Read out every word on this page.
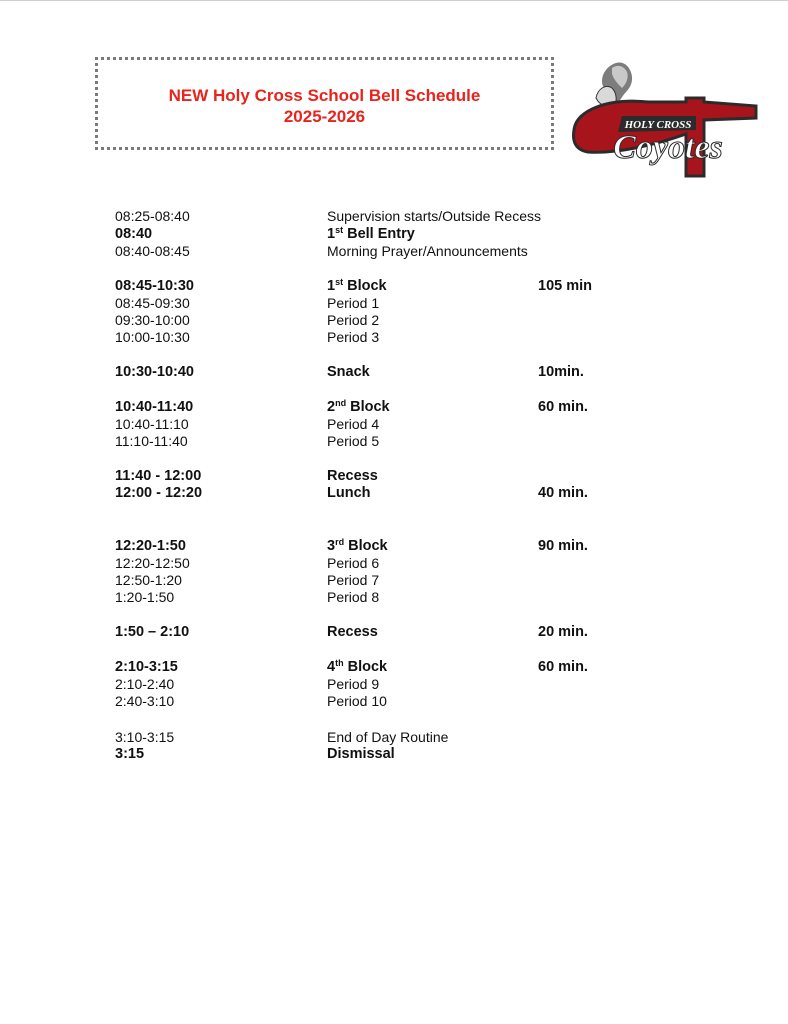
NEW Holy Cross School Bell Schedule
2025-2026	HOLY CROSS
Coyotes
08:25-08:40	Supervision starts/Outside Recess
08:40	1st Bell Entry
08:40-08:45	Morning Prayer/Announcements
08:45-10:30	1st Block	105 min
08:45-09:30	Period 1
09:30-10:00	Period 2
10:00-10:30	Period 3
10:30-10:40	Snack	10min.
10:40-11:40	2nd Block	60 min.
10:40-11:10	Period 4
11:10-11:40	Period 5
11:40 - 12:00	Recess
12:00 - 12:20	Lunch	40 min.
12:20-1:50	3rd Block	90 min.
12:20-12:50	Period 6
12:50-1:20	Period 7
1:20-1:50	Period 8
1:50 – 2:10	Recess	20 min.
2:10-3:15	4th Block	60 min.
2:10-2:40	Period 9
2:40-3:10	Period 10
3:10-3:15	End of Day Routine
3:15	Dismissal
